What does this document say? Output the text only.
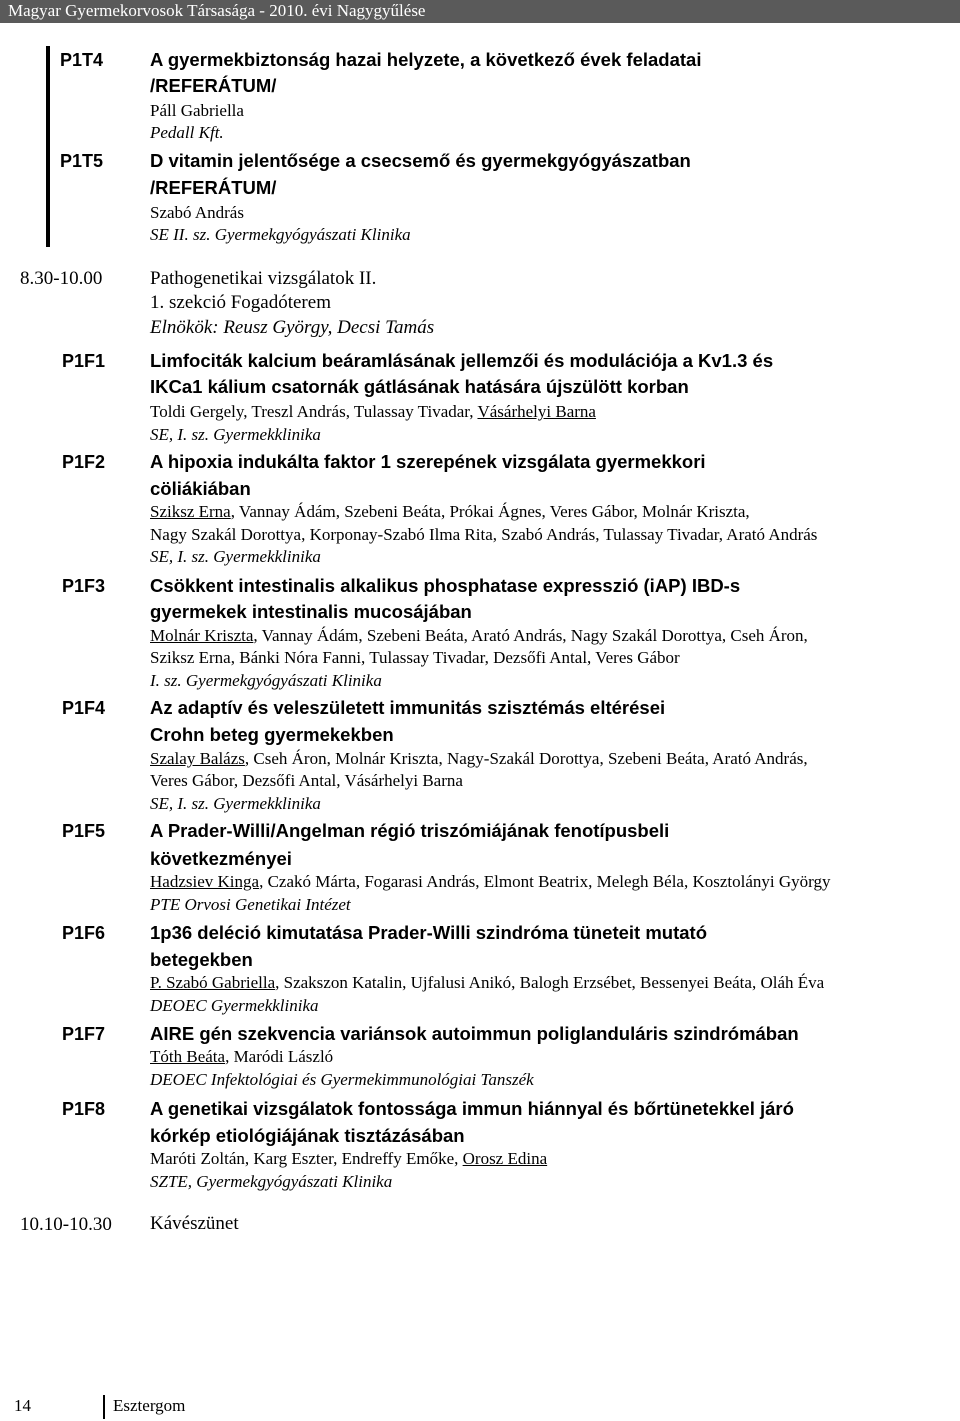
Magyar Gyermekorvosok Társasága - 2010. évi Nagygyűlése
P1T4	A gyermekbiztonság hazai helyzete, a következő évek feladatai
/REFERÁTUM/
Páll Gabriella
Pedall Kft.
P1T5	D vitamin jelentősége a csecsemő és gyermekgyógyászatban
/REFERÁTUM/
Szabó András
SE II. sz. Gyermekgyógyászati Klinika
8.30-10.00	Pathogenetikai vizsgálatok II.
1. szekció Fogadóterem
Elnökök: Reusz György, Decsi Tamás
P1F1 Limfociták kalcium beáramlásának jellemzői és modulációja a Kv1.3 és
IKCa1 kálium csatornák gátlásának hatására újszülött korban
Toldi Gergely, Treszl András, Tulassay Tivadar, Vásárhelyi Barna
SE, I. sz. Gyermekklinika
P1F2 A hipoxia indukálta faktor 1 szerepének vizsgálata gyermekkori
cöliákiában
Sziksz Erna, Vannay Ádám, Szebeni Beáta, Prókai Ágnes, Veres Gábor, Molnár Kriszta,
Nagy Szakál Dorottya, Korponay-Szabó Ilma Rita, Szabó András, Tulassay Tivadar, Arató András
SE, I. sz. Gyermekklinika
P1F3 Csökkent intestinalis alkalikus phosphatase expresszió (iAP) IBD-s
gyermekek intestinalis mucosájában
Molnár Kriszta, Vannay Ádám, Szebeni Beáta, Arató András, Nagy Szakál Dorottya, Cseh Áron,
Sziksz Erna, Bánki Nóra Fanni, Tulassay Tivadar, Dezsőfi Antal, Veres Gábor
I. sz. Gyermekgyógyászati Klinika
P1F4 Az adaptív és veleszületett immunitás szisztémás eltérései
Crohn beteg gyermekekben
Szalay Balázs, Cseh Áron, Molnár Kriszta, Nagy-Szakál Dorottya, Szebeni Beáta, Arató András,
Veres Gábor, Dezsőfi Antal, Vásárhelyi Barna
SE, I. sz. Gyermekklinika
P1F5 A Prader-Willi/Angelman régió triszómiájának fenotípusbeli
következményei
Hadzsiev Kinga, Czakó Márta, Fogarasi András, Elmont Beatrix, Melegh Béla, Kosztolányi György
PTE Orvosi Genetikai Intézet
P1F6 1p36 deléció kimutatása Prader-Willi szindróma tüneteit mutató
betegekben
P. Szabó Gabriella, Szakszon Katalin, Ujfalusi Anikó, Balogh Erzsébet, Bessenyei Beáta, Oláh Éva
DEOEC Gyermekklinika
P1F7 AIRE gén szekvencia variánsok autoimmun poliglanduláris szindrómában
Tóth Beáta, Maródi László
DEOEC Infektológiai és Gyermekimmunológiai Tanszék
P1F8 A genetikai vizsgálatok fontossága immun hiánnyal és bőrtünetekkel járó
kórkép etiológiájának tisztázásában
Maróti Zoltán, Karg Eszter, Endreffy Emőke, Orosz Edina
SZTE, Gyermekgyógyászati Klinika
10.10-10.30 Kávészünet
14	Esztergom
